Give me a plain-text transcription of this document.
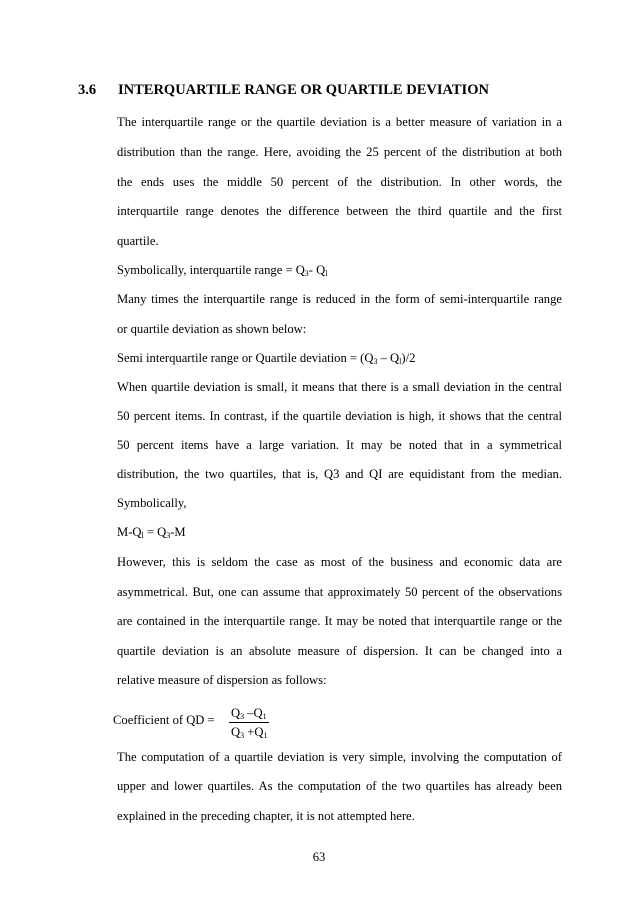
3.6 INTERQUARTILE RANGE OR QUARTILE DEVIATION
The interquartile range or the quartile deviation is a better measure of variation in a
distribution than the range. Here, avoiding the 25 percent of the distribution at both
the ends uses the middle 50 percent of the distribution. In other words, the
interquartile range denotes the difference between the third quartile and the first
quartile.
Symbolically, interquartile range = $Q_3-$ $Q_l$
Many times the interquartile range is reduced in the form of semi-interquartile range
or quartile deviation as shown below:
Semi interquartile range or Quartile deviation = $(Q_3 - Q_l)/2$
When quartile deviation is small, it means that there is a small deviation in the central
50 percent items. In contrast, if the quartile deviation is high, it shows that the central
50 percent items have a large variation. It may be noted that in a symmetrical
distribution, the two quartiles, that is, Q3 and QI are equidistant from the median.
Symbolically,
$M-Q_l = Q_3-M$
However, this is seldom the case as most of the business and economic data are
asymmetrical. But, one can assume that approximately 50 percent of the observations
are contained in the interquartile range. It may be noted that interquartile range or the
quartile deviation is an absolute measure of dispersion. It can be changed into a
relative measure of dispersion as follows:
Coefficient of QD = $\frac{Q_3 -Q_1}{Q_3 +Q_1}$
The computation of a quartile deviation is very simple, involving the computation of
upper and lower quartiles. As the computation of the two quartiles has already been
explained in the preceding chapter, it is not attempted here.
63
